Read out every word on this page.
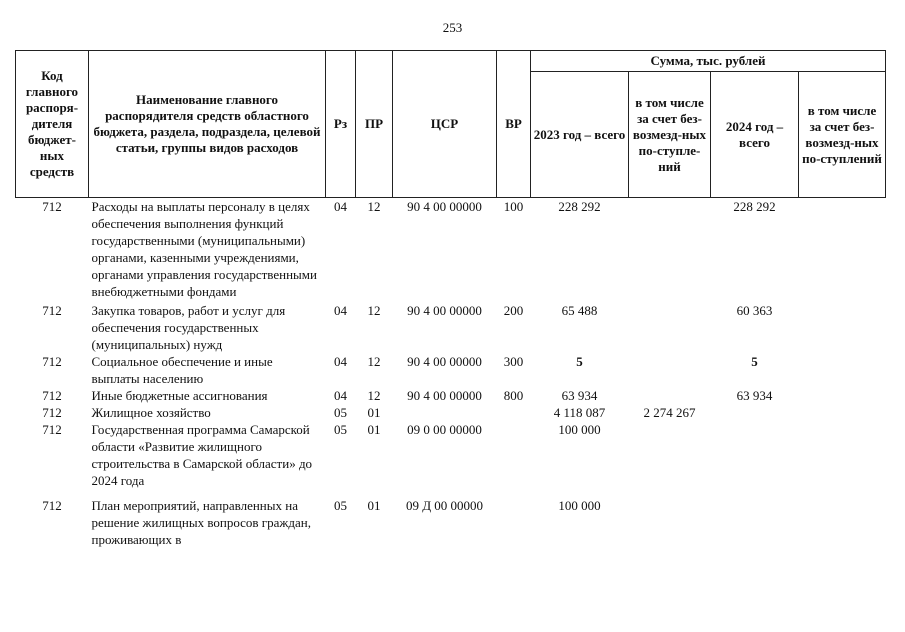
253
Код главного распоря-дителя бюджет-ных средств	Наименование главного распорядителя средств областного бюджета, раздела, подраздела, целевой статьи, группы видов расходов	Рз	ПР	ЦСР	ВР	Сумма, тыс. рублей			
						2023 год – всего	в том числе за счет без-возмезд-ных по-ступле-ний	2024 год – всего	в том числе за счет без-возмезд-ных по-ступлений
712	Расходы на выплаты персоналу в целях обеспечения выполнения функций государственными (муниципальными) органами, казенными учреждениями, органами управления государственными внебюджетными фондами	04	12	90 4 00 00000	100	228 292		228 292	
712	Закупка товаров, работ и услуг для обеспечения государственных (муниципальных) нужд	04	12	90 4 00 00000	200	65 488		60 363	
712	Социальное обеспечение и иные выплаты населению	04	12	90 4 00 00000	300	5		5	
712	Иные бюджетные ассигнования	04	12	90 4 00 00000	800	63 934		63 934	
712	Жилищное хозяйство	05	01			4 118 087	2 274 267		
712	Государственная программа Самарской области «Развитие жилищного строительства в Самарской области» до 2024 года	05	01	09 0 00 00000		100 000			
712	План мероприятий, направленных на решение жилищных вопросов граждан, проживающих в	05	01	09 Д 00 00000		100 000			
